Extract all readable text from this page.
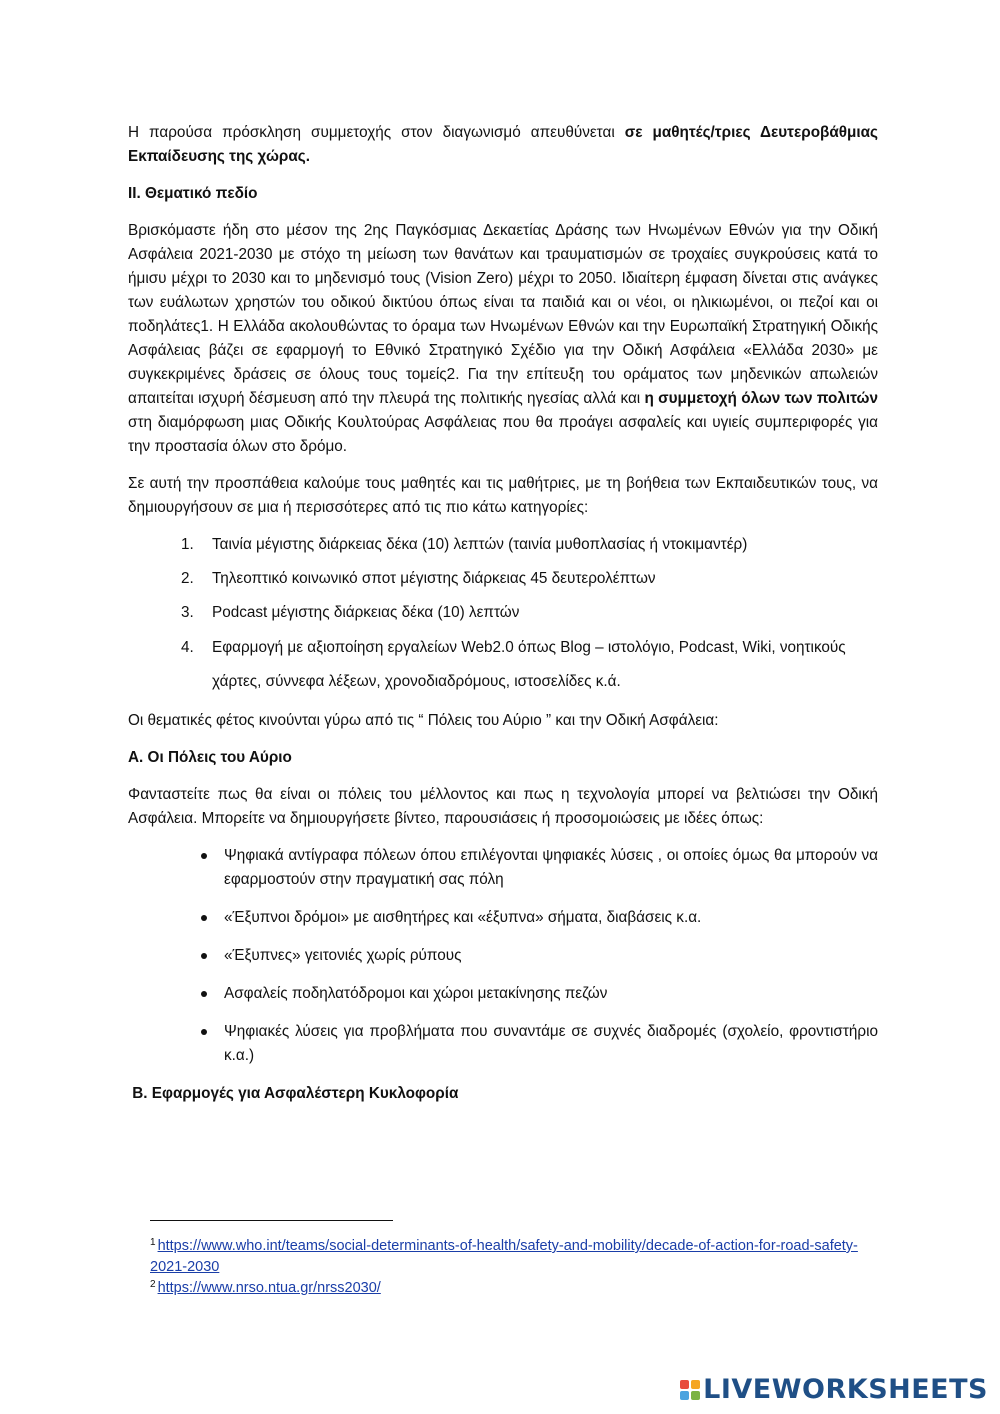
Η παρούσα πρόσκληση συμμετοχής στον διαγωνισμό απευθύνεται σε μαθητές/τριες Δευτεροβάθμιας Εκπαίδευσης της χώρας.

ΙΙ. Θεματικό πεδίο

Βρισκόμαστε ήδη στο μέσον της 2ης Παγκόσμιας Δεκαετίας Δράσης των Ηνωμένων Εθνών για την Οδική Ασφάλεια 2021-2030 με στόχο τη μείωση των θανάτων και τραυματισμών σε τροχαίες συγκρούσεις κατά το ήμισυ μέχρι το 2030 και το μηδενισμό τους (Vision Zero) μέχρι το 2050. Ιδιαίτερη έμφαση δίνεται στις ανάγκες των ευάλωτων χρηστών του οδικού δικτύου όπως είναι τα παιδιά και οι νέοι, οι ηλικιωμένοι, οι πεζοί και οι ποδηλάτες1. Η Ελλάδα ακολουθώντας το όραμα των Ηνωμένων Εθνών και την Ευρωπαϊκή Στρατηγική Οδικής Ασφάλειας βάζει σε εφαρμογή το Εθνικό Στρατηγικό Σχέδιο για την Οδική Ασφάλεια «Ελλάδα 2030» με συγκεκριμένες δράσεις σε όλους τους τομείς2. Για την επίτευξη του οράματος των μηδενικών απωλειών απαιτείται ισχυρή δέσμευση από την πλευρά της πολιτικής ηγεσίας αλλά και η συμμετοχή όλων των πολιτών στη διαμόρφωση μιας Οδικής Κουλτούρας Ασφάλειας που θα προάγει ασφαλείς και υγιείς συμπεριφορές για την προστασία όλων στο δρόμο.

Σε αυτή την προσπάθεια καλούμε τους μαθητές και τις μαθήτριες, με τη βοήθεια των Εκπαιδευτικών τους, να δημιουργήσουν σε μια ή περισσότερες από τις πιο κάτω κατηγορίες:

1. Ταινία μέγιστης διάρκειας δέκα (10) λεπτών (ταινία μυθοπλασίας ή ντοκιμαντέρ)
2. Τηλεοπτικό κοινωνικό σποτ μέγιστης διάρκειας 45 δευτερολέπτων
3. Podcast μέγιστης διάρκειας δέκα (10) λεπτών
4. Εφαρμογή με αξιοποίηση εργαλείων Web2.0 όπως Blog – ιστολόγιο, Podcast, Wiki, νοητικούς χάρτες, σύννεφα λέξεων, χρονοδιαδρόμους, ιστοσελίδες κ.ά.

Οι θεματικές φέτος κινούνται γύρω από τις “ Πόλεις του Αύριο ” και την Οδική Ασφάλεια:

Α. Οι Πόλεις του Αύριο

Φανταστείτε πως θα είναι οι πόλεις του μέλλοντος και πως η τεχνολογία μπορεί να βελτιώσει την Οδική Ασφάλεια. Μπορείτε να δημιουργήσετε βίντεο, παρουσιάσεις ή προσομοιώσεις με ιδέες όπως:

Ψηφιακά αντίγραφα πόλεων όπου επιλέγονται ψηφιακές λύσεις , οι οποίες όμως θα μπορούν να εφαρμοστούν στην πραγματική σας πόλη
«Έξυπνοι δρόμοι» με αισθητήρες και «έξυπνα» σήματα, διαβάσεις κ.α.
«Έξυπνες» γειτονιές χωρίς ρύπους
Ασφαλείς ποδηλατόδρομοι και χώροι μετακίνησης πεζών
Ψηφιακές λύσεις για προβλήματα που συναντάμε σε συχνές διαδρομές (σχολείο, φροντιστήριο κ.α.)
Β. Εφαρμογές για Ασφαλέστερη Κυκλοφορία
$^1$ https://www.who.int/teams/social-determinants-of-health/safety-and-mobility/decade-of-action-for-road-safety-2021-2030
$^2$ https://www.nrso.ntua.gr/nrss2030/
LIVEWORKSHEETS
